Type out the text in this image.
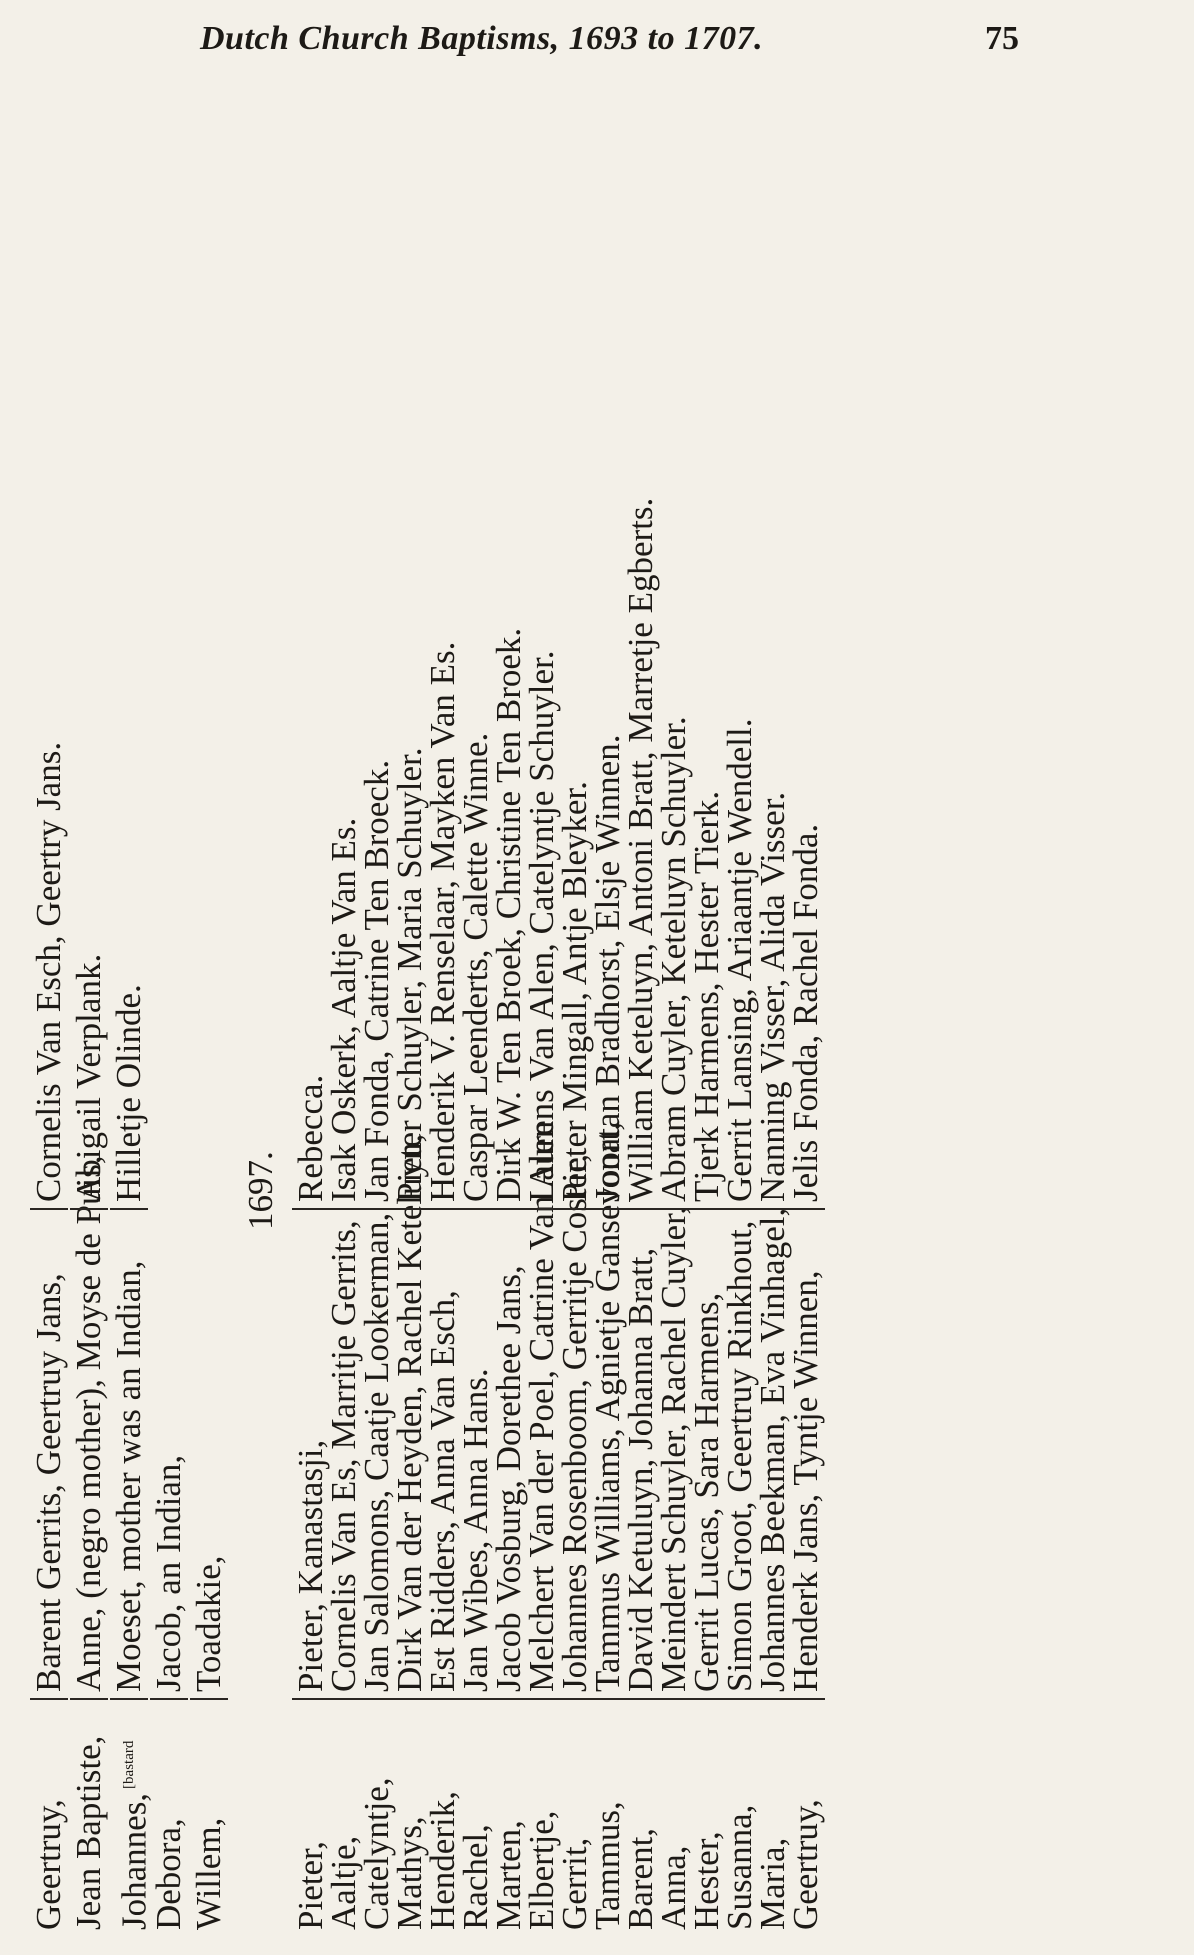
Dutch Church Baptisms, 1693 to 1707.	75
Geertruy,
Barent Gerrits, Geertruy Jans,
Cornelis Van Esch, Geertry Jans.
Jean Baptiste,
Anne, (negro mother), Moyse de Puis,
Abigail Verplank.
Johannes,$^{[bastard}$
Moeset, mother was an Indian,
Hilletje Olinde.
Debora,
Jacob, an Indian,
Willem,
Toadakie,
1697.
Pieter,
Pieter, Kanastasji,
Rebecca.
Aaltje,
Cornelis Van Es, Marritje Gerrits,
Isak Oskerk, Aaltje Van Es.
Catelyntje,
Jan Salomons, Caatje Lookerman,
Jan Fonda, Catrine Ten Broeck.
Mathys,
Dirk Van der Heyden, Rachel Keteluyn,
Pieter Schuyler, Maria Schuyler.
Henderik,
Est Ridders, Anna Van Esch,
Henderik V. Renselaar, Mayken Van Es.
Rachel,
Jan Wibes, Anna Hans.
Caspar Leenderts, Calette Winne.
Marten,
Jacob Vosburg, Dorethee Jans,
Dirk W. Ten Broek, Christine Ten Broek.
Elbertje,
Melchert Van der Poel, Catrine Van Alen
Laurens Van Alen, Catelyntje Schuyler.
Gerrit,
Johannes Rosenboom, Gerritje Coster,
Pieter Mingall, Antje Bleyker.
Tammus,
Tammus Williams, Agnietje Gansevoort,
Jonatan Bradhorst, Elsje Winnen.
Barent,
David Ketuluyn, Johanna Bratt,
William Keteluyn, Antoni Bratt, Marretje Egberts.
Anna,
Meindert Schuyler, Rachel Cuyler,
Abram Cuyler, Keteluyn Schuyler.
Hester,
Gerrit Lucas, Sara Harmens,
Tjerk Harmens, Hester Tierk.
Susanna,
Simon Groot, Geertruy Rinkhout,
Gerrit Lansing, Ariaantje Wendell.
Maria,
Johannes Beekman, Eva Vinhagel,
Nanning Visser, Alida Visser.
Geertruy,
Henderk Jans, Tyntje Winnen,
Jelis Fonda, Rachel Fonda.
